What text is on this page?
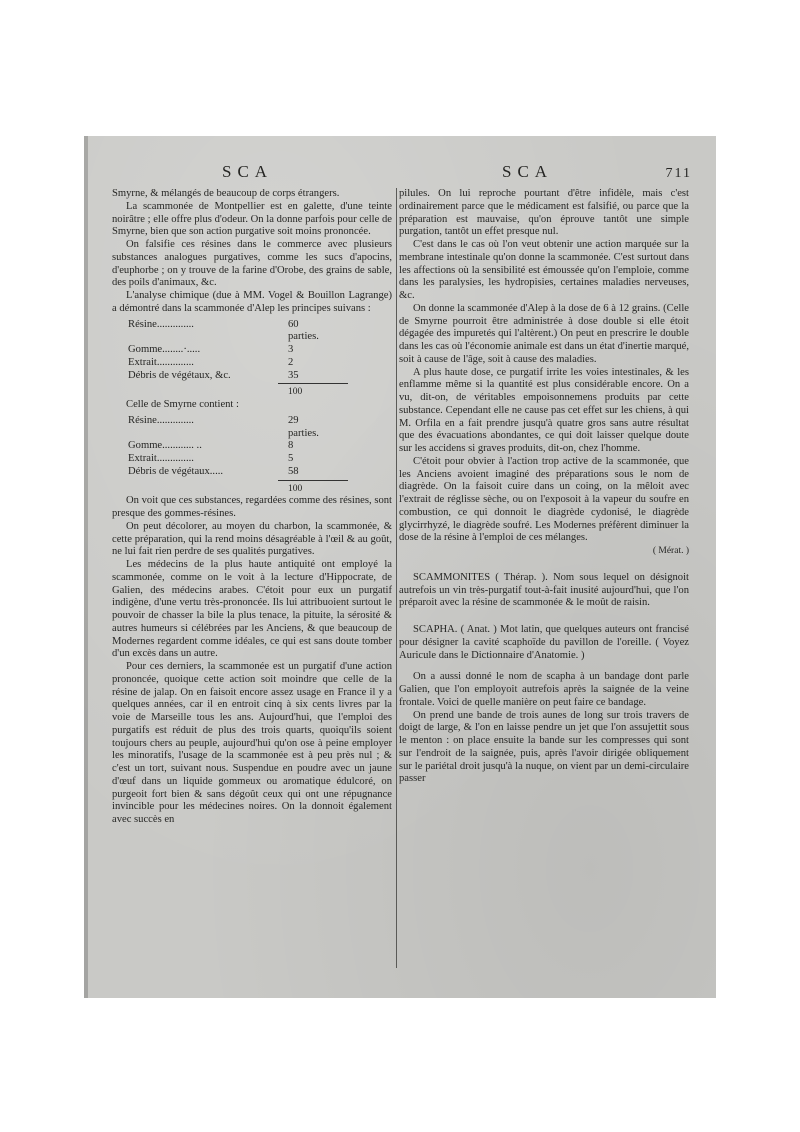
SCA	SCA	711

Smyrne, & mélangés de beaucoup de corps étrangers.

La scammonée de Montpellier est en galette, d'une teinte noirâtre ; elle offre plus d'odeur. On la donne parfois pour celle de Smyrne, bien que son action purgative soit moins prononcée.

On falsifie ces résines dans le commerce avec plusieurs substances analogues purgatives, comme les sucs d'apocins, d'euphorbe ; on y trouve de la farine d'Orobe, des grains de sable, des poils d'animaux, &c.

L'analyse chimique (due à MM. Vogel & Bouillon Lagrange) a démontré dans la scammonée d'Alep les principes suivans :

Résine..............	60 parties.
Gomme........·.....	3
Extrait..............	2
Débris de végétaux, &c.	35
100

Celle de Smyrne contient :

Résine..............	29 parties.
Gomme............ ..	8
Extrait..............	5
Débris de végétaux.....	58
100

On voit que ces substances, regardées comme des résines, sont presque des gommes-résines.

On peut décolorer, au moyen du charbon, la scammonée, & cette préparation, qui la rend moins désagréable à l'œil & au goût, ne lui fait rien perdre de ses qualités purgatives.

Les médecins de la plus haute antiquité ont employé la scammonée, comme on le voit à la lecture d'Hippocrate, de Galien, des médecins arabes. C'étoit pour eux un purgatif indigène, d'une vertu très-prononcée. Ils lui attribuoient surtout le pouvoir de chasser la bile la plus tenace, la pituite, la sérosité & autres humeurs si célébrées par les Anciens, & que beaucoup de Modernes regardent comme idéales, ce qui est sans doute tomber d'un excès dans un autre.

Pour ces derniers, la scammonée est un purgatif d'une action prononcée, quoique cette action soit moindre que celle de la résine de jalap. On en faisoit encore assez usage en France il y a quelques années, car il en entroit cinq à six cents livres par la voie de Marseille tous les ans. Aujourd'hui, que l'emploi des purgatifs est réduit de plus des trois quarts, quoiqu'ils soient toujours chers au peuple, aujourd'hui qu'on ose à peine employer les minoratifs, l'usage de la scammonée est à peu près nul ; & c'est un tort, suivant nous. Suspendue en poudre avec un jaune d'œuf dans un liquide gommeux ou aromatique édulcoré, on purgeoit fort bien & sans dégoût ceux qui ont une répugnance invincible pour les médecines noires. On la donnoit également avec succès en

pilules. On lui reproche pourtant d'être infidèle, mais c'est ordinairement parce que le médicament est falsifié, ou parce que la préparation est mauvaise, qu'on éprouve tantôt une simple purgation, tantôt un effet presque nul.

C'est dans le cas où l'on veut obtenir une action marquée sur la membrane intestinale qu'on donne la scammonée. C'est surtout dans les affections où la sensibilité est émoussée qu'on l'emploie, comme dans les paralysies, les hydropisies, certaines maladies nerveuses, &c.

On donne la scammonée d'Alep à la dose de 6 à 12 grains. (Celle de Smyrne pourroit être administrée à dose double si elle étoit dégagée des impuretés qui l'altèrent.) On peut en prescrire le double dans les cas où l'économie animale est dans un état d'inertie marqué, soit à cause de l'âge, soit à cause des maladies.

A plus haute dose, ce purgatif irrite les voies intestinales, & les enflamme même si la quantité est plus considérable encore. On a vu, dit-on, de véritables empoisonnemens produits par cette substance. Cependant elle ne cause pas cet effet sur les chiens, à qui M. Orfila en a fait prendre jusqu'à quatre gros sans autre résultat que des évacuations abondantes, ce qui doit laisser quelque doute sur les accidens si graves produits, dit-on, chez l'homme.

C'étoit pour obvier à l'action trop active de la scammonée, que les Anciens avoient imaginé des préparations sous le nom de diagrède. On la faisoit cuire dans un coing, on la mêloit avec l'extrait de réglisse sèche, ou on l'exposoit à la vapeur du soufre en combustion, ce qui donnoit le diagrède cydonisé, le diagrède glycirrhyzé, le diagrède soufré. Les Modernes préfèrent diminuer la dose de la résine à l'emploi de ces mélanges.

( Mérat. )

SCAMMONITES ( Thérap. ). Nom sous lequel on désignoit autrefois un vin très-purgatif tout-à-fait inusité aujourd'hui, que l'on préparoit avec la résine de scammonée & le moût de raisin.

SCAPHA. ( Anat. ) Mot latin, que quelques auteurs ont francisé pour désigner la cavité scaphoïde du pavillon de l'oreille. ( Voyez Auricule dans le Dictionnaire d'Anatomie. )

On a aussi donné le nom de scapha à un bandage dont parle Galien, que l'on employoit autrefois après la saignée de la veine frontale. Voici de quelle manière on peut faire ce bandage.

On prend une bande de trois aunes de long sur trois travers de doigt de large, & l'on en laisse pendre un jet que l'on assujettit sous le menton : on place ensuite la bande sur les compresses qui sont sur l'endroit de la saignée, puis, après l'avoir dirigée obliquement sur le pariétal droit jusqu'à la nuque, on vient par un demi-circulaire passer
